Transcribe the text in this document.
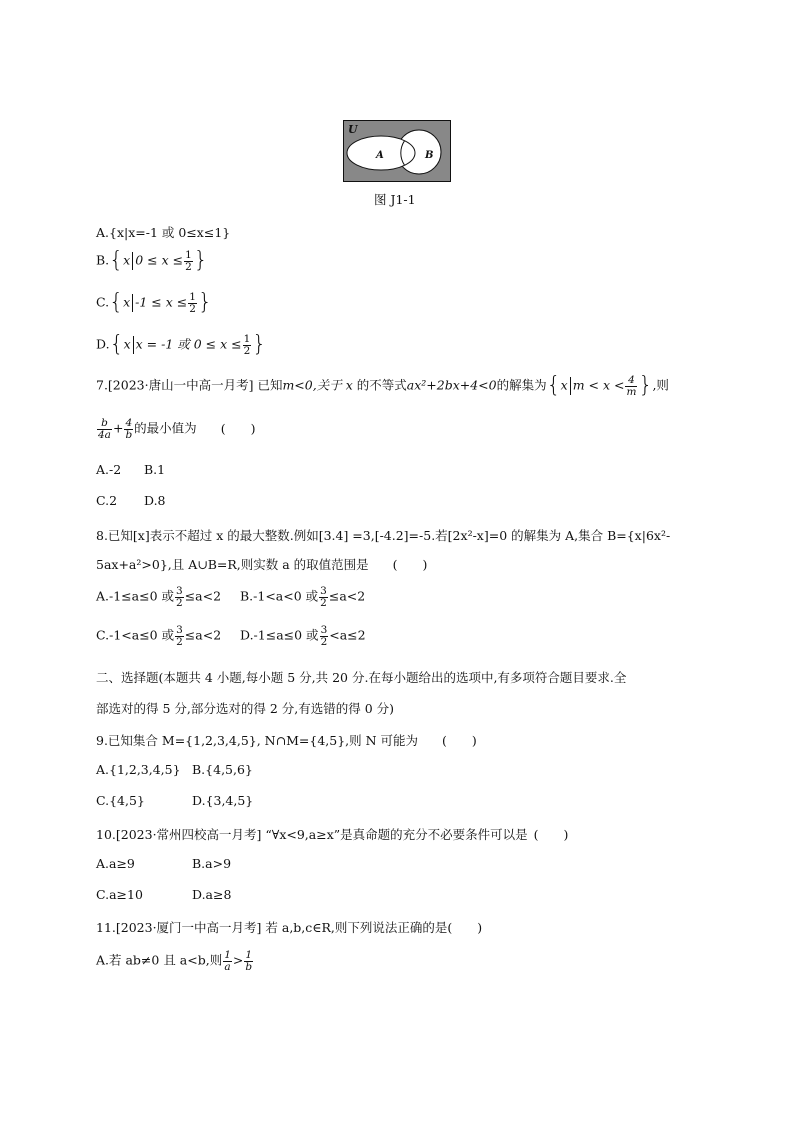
U
A	B
图 J1-1
A.{x|x=-1 或 0≤x≤1}
B.{x $0 \le x \le \frac{1}{2}$ }
C.{x $-1 \le x \le \frac{1}{2}$ }
D.{x x = -1 或 $0 \le x \le \frac{1}{2}$ }
7.[2023·唐山一中高一月考] 已知m<0,关于 x 的不等式ax²+2bx+4<0的解集为{x $m < x < \frac{4}{m}$ },则
$\frac{b}{4a} + \frac{4}{b}$ 的最小值为 (　　)
A.-2 B.1
C.2 D.8
8.已知[x]表示不超过 x 的最大整数.例如[3.4] =3,[-4.2]=-5.若[2x²-x]=0 的解集为 A,集合 B={x|6x²-
5ax+a²>0},且 A∪B=R,则实数 a 的取值范围是 (　　)
A.-1≤a≤0 或 $\frac{3}{2} \le a<2$ B.-1<a<0 或 $\frac{3}{2} \le a<2$
C.-1<a≤0 或 $\frac{3}{2} \le a<2$ D.-1≤a≤0 或 $\frac{3}{2} <a\le 2$
二、选择题(本题共 4 小题,每小题 5 分,共 20 分.在每小题给出的选项中,有多项符合题目要求.全
部选对的得 5 分,部分选对的得 2 分,有选错的得 0 分)
9.已知集合 M={1,2,3,4,5}, N∩M={4,5},则 N 可能为 (　　)
A.{1,2,3,4,5} B.{4,5,6}
C.{4,5}	D.{3,4,5}
10.[2023·常州四校高一月考] “∀x<9,a≥x”是真命题的充分不必要条件可以是 (　　)
A.a≥9	B.a>9
C.a≥10	D.a≥8
11.[2023·厦门一中高一月考] 若 a,b,c∈R,则下列说法正确的是(　　)
A.若 ab≠0 且 a<b,则 $\frac{1}{a} > \frac{1}{b}$
